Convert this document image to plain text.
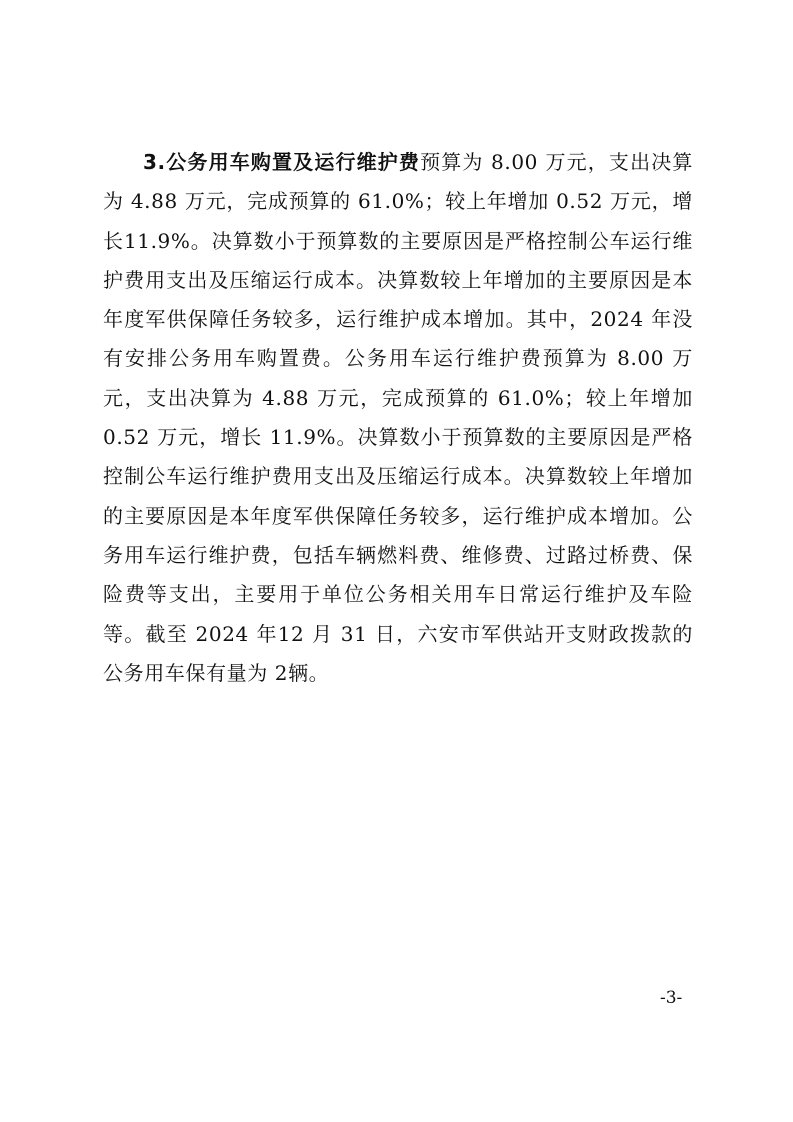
3.公务用车购置及运行维护费预算为 8.00 万元，支出决算为 4.88 万元，完成预算的 61.0%；较上年增加 0.52 万元，增长11.9%。决算数小于预算数的主要原因是严格控制公车运行维护费用支出及压缩运行成本。决算数较上年增加的主要原因是本年度军供保障任务较多，运行维护成本增加。其中，2024 年没有安排公务用车购置费。公务用车运行维护费预算为 8.00 万元，支出决算为 4.88 万元，完成预算的 61.0%；较上年增加 0.52 万元，增长 11.9%。决算数小于预算数的主要原因是严格控制公车运行维护费用支出及压缩运行成本。决算数较上年增加的主要原因是本年度军供保障任务较多，运行维护成本增加。公务用车运行维护费，包括车辆燃料费、维修费、过路过桥费、保险费等支出，主要用于单位公务相关用车日常运行维护及车险等。截至 2024 年12 月 31 日，六安市军供站开支财政拨款的公务用车保有量为 2辆。

-3-
